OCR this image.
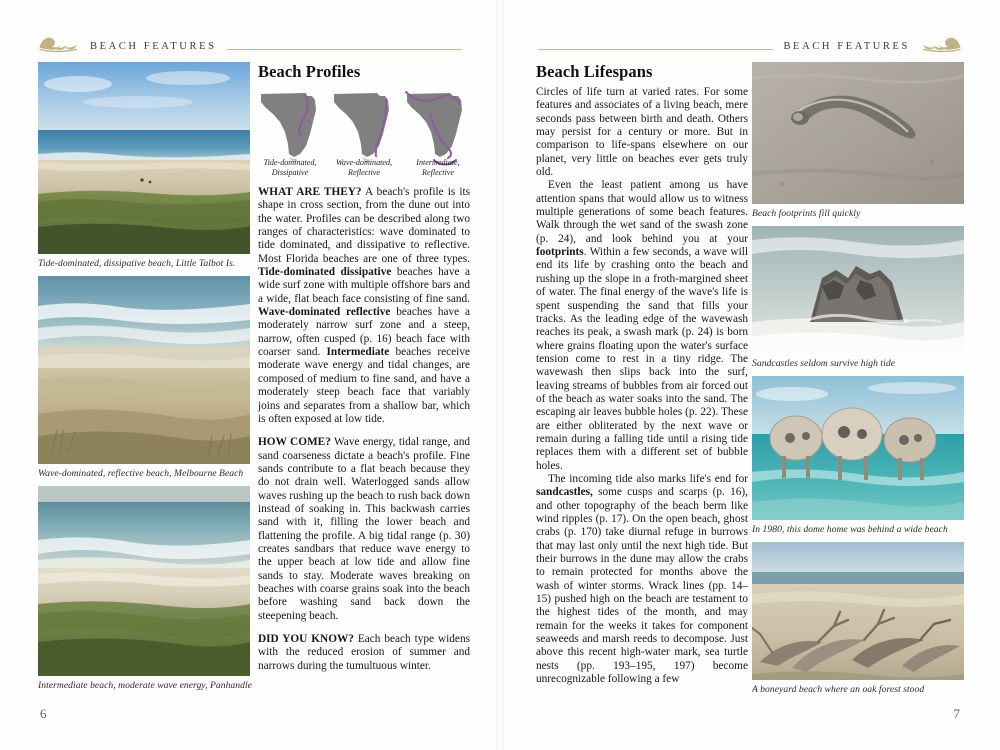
BEACH FEATURES
Tide-dominated, dissipative beach, Little Talbot Is.
Wave-dominated, reflective beach, Melbourne Beach
Intermediate beach, moderate wave energy, Panhandle
Beach Profiles
Tide-dominated,
Dissipative
Wave-dominated,
Reflective
Intermediate,
Reflective

WHAT ARE THEY? A beach's profile is its shape in cross section, from the dune out into the water. Profiles can be described along two ranges of characteristics: wave dominated to tide dominated, and dissipative to reflective. Most Florida beaches are one of three types. Tide-dominated dissipative beaches have a wide surf zone with multiple offshore bars and a wide, flat beach face consisting of fine sand. Wave-dominated reflective beaches have a moderately narrow surf zone and a steep, narrow, often cusped (p. 16) beach face with coarser sand. Intermediate beaches receive moderate wave energy and tidal changes, are composed of medium to fine sand, and have a moderately steep beach face that variably joins and separates from a shallow bar, which is often exposed at low tide.

HOW COME? Wave energy, tidal range, and sand coarseness dictate a beach's profile. Fine sands contribute to a flat beach because they do not drain well. Waterlogged sands allow waves rushing up the beach to rush back down instead of soaking in. This backwash carries sand with it, filling the lower beach and flattening the profile. A big tidal range (p. 30) creates sandbars that reduce wave energy to the upper beach at low tide and allow fine sands to stay. Moderate waves breaking on beaches with coarse grains soak into the beach before washing sand back down the steepening beach.

DID YOU KNOW? Each beach type widens with the reduced erosion of summer and narrows during the tumultuous winter.

6
BEACH FEATURES
Beach Lifespans

Circles of life turn at varied rates. For some features and associates of a living beach, mere seconds pass between birth and death. Others may persist for a century or more. But in comparison to life-spans elsewhere on our planet, very little on beaches ever gets truly old.

Even the least patient among us have attention spans that would allow us to witness multiple generations of some beach features. Walk through the wet sand of the swash zone (p. 24), and look behind you at your footprints. Within a few seconds, a wave will end its life by crashing onto the beach and rushing up the slope in a froth-margined sheet of water. The final energy of the wave's life is spent suspending the sand that fills your tracks. As the leading edge of the wavewash reaches its peak, a swash mark (p. 24) is born where grains floating upon the water's surface tension come to rest in a tiny ridge. The wavewash then slips back into the surf, leaving streams of bubbles from air forced out of the beach as water soaks into the sand. The escaping air leaves bubble holes (p. 22). These are either obliterated by the next wave or remain during a falling tide until a rising tide replaces them with a different set of bubble holes.

The incoming tide also marks life's end for sandcastles, some cusps and scarps (p. 16), and other topography of the beach berm like wind ripples (p. 17). On the open beach, ghost crabs (p. 170) take diurnal refuge in burrows that may last only until the next high tide. But their burrows in the dune may allow the crabs to remain protected for months above the wash of winter storms. Wrack lines (pp. 14–15) pushed high on the beach are testament to the highest tides of the month, and may remain for the weeks it takes for component seaweeds and marsh reeds to decompose. Just above this recent high-water mark, sea turtle nests (pp. 193–195, 197) become unrecognizable following a few

Beach footprints fill quickly
Sandcastles seldom survive high tide
In 1980, this dome home was behind a wide beach
A boneyard beach where an oak forest stood
7
